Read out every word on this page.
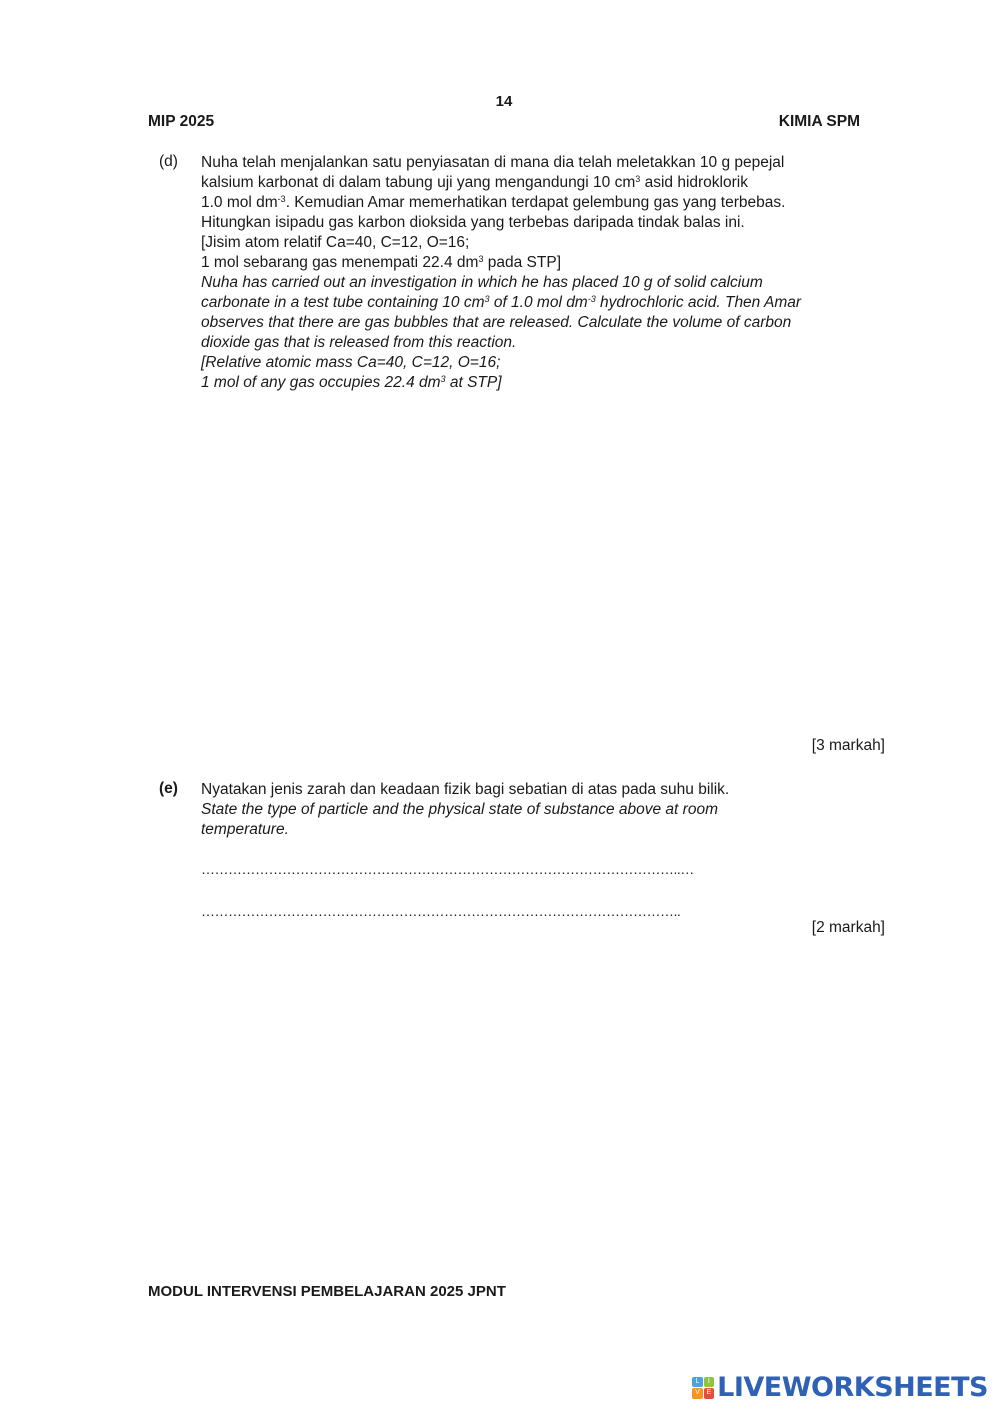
14
MIP 2025	KIMIA SPM
(d) Nuha telah menjalankan satu penyiasatan di mana dia telah meletakkan 10 g pepejal
kalsium karbonat di dalam tabung uji yang mengandungi 10 $cm^3$ asid hidroklorik
1.0 mol $dm^{-3}$. Kemudian Amar memerhatikan terdapat gelembung gas yang terbebas.
Hitungkan isipadu gas karbon dioksida yang terbebas daripada tindak balas ini.
[Jisim atom relatif Ca=40, C=12, O=16;
1 mol sebarang gas menempati 22.4 $dm^3$ pada STP]
Nuha has carried out an investigation in which he has placed 10 g of solid calcium
carbonate in a test tube containing 10 $cm^3$ of 1.0 mol $dm^{-3}$ hydrochloric acid. Then Amar
observes that there are gas bubbles that are released. Calculate the volume of carbon
dioxide gas that is released from this reaction.
[Relative atomic mass Ca=40, C=12, O=16;
1 mol of any gas occupies 22.4 $dm^3$ at STP]
[3 markah]
(e) Nyatakan jenis zarah dan keadaan fizik bagi sebatian di atas pada suhu bilik.
State the type of particle and the physical state of substance above at room
temperature.
……………………………………………………………………………………………..…
……………………………………………………………………………………………..
[2 markah]
MODUL INTERVENSI PEMBELAJARAN 2025 JPNT
L	I
V E LIVEWORKSHEETS
